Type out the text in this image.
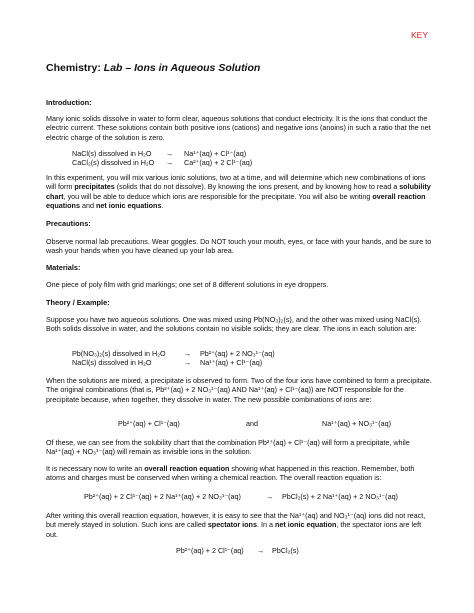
KEY
Chemistry: Lab – Ions in Aqueous Solution
Introduction:
Many ionic solids dissolve in water to form clear, aqueous solutions that conduct electricity. It is the ions that conduct the electric current. These solutions contain both positive ions (cations) and negative ions (anoins) in such a ratio that the net electric charge of the solution is zero.
NaCl(s) dissolved in H₂O → Na¹⁺(aq) + Cl¹⁻(aq)
CaCl₂(s) dissolved in H₂O → Ca²⁺(aq) + 2 Cl¹⁻(aq)
In this experiment, you will mix various ionic solutions, two at a time, and will determine which new combinations of ions will form precipitates (solids that do not dissolve). By knowing the ions present, and by knowing how to read a solubility chart, you will be able to deduce which ions are responsible for the precipitate. You will also be writing overall reaction equations and net ionic equations.
Precautions:
Observe normal lab precautions. Wear goggles. Do NOT touch your mouth, eyes, or face with your hands, and be sure to wash your hands when you have cleaned up your lab area.
Materials:
One piece of poly film with grid markings; one set of 8 different solutions in eye droppers.
Theory / Example:
Suppose you have two aqueous solutions. One was mixed using Pb(NO₃)₂(s), and the other was mixed using NaCl(s). Both solids dissolve in water, and the solutions contain no visible solids; they are clear. The ions in each solution are:
Pb(NO₃)₂(s) dissolved in H₂O	→ Pb²⁺(aq) + 2 NO₃¹⁻(aq)
NaCl(s) dissolved in H₂O	→ Na¹⁺(aq) + Cl¹⁻(aq)
When the solutions are mixed, a precipitate is observed to form. Two of the four ions have combined to form a precipitate. The original combinations (that is, Pb²⁺(aq) + 2 NO₃¹⁻(aq) AND Na¹⁺(aq) + Cl¹⁻(aq)) are NOT responsible for the precipitate because, when together, they dissolve in water. The new possible combinations of ions are:
Pb²⁺(aq) + Cl¹⁻(aq)	and	Na¹⁺(aq) + NO₃¹⁻(aq)
Of these, we can see from the solubility chart that the combination Pb²⁺(aq) + Cl¹⁻(aq) will form a precipitate, while Na¹⁺(aq) + NO₃¹⁻(aq) will remain as invisible ions in the solution.
It is necessary now to write an overall reaction equation showing what happened in this reaction. Remember, both atoms and charges must be conserved when writing a chemical reaction. The overall reaction equation is:
Pb²⁺(aq) + 2 Cl¹⁻(aq) + 2 Na¹⁺(aq) + 2 NO₃¹⁻(aq)	→ PbCl₂(s) + 2 Na¹⁺(aq) + 2 NO₃¹⁻(aq)
After writing this overall reaction equation, however, it is easy to see that the Na¹⁺(aq) and NO₃¹⁻(aq) ions did not react, but merely stayed in solution. Such ions are called spectator ions. In a net ionic equation, the spectator ions are left out.
Pb²⁺(aq) + 2 Cl¹⁻(aq) → PbCl₂(s)
